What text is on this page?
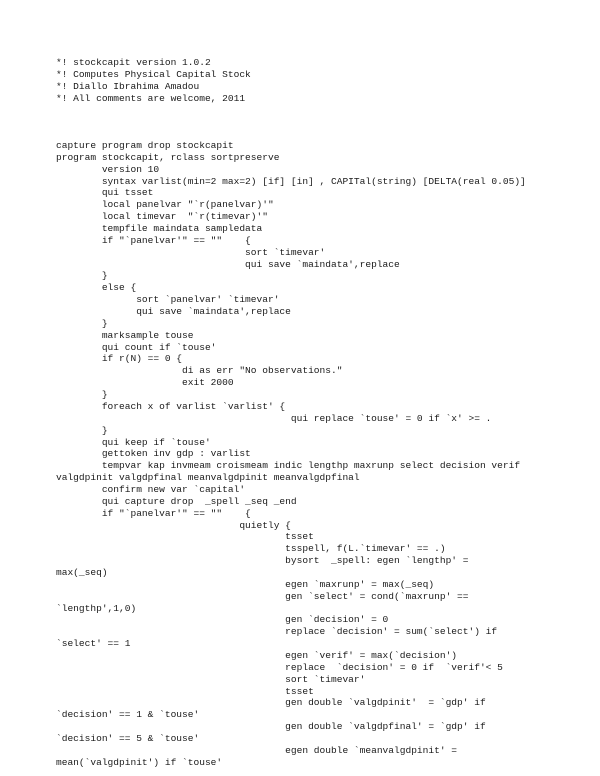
*! stockcapit version 1.0.2
*! Computes Physical Capital Stock
*! Diallo Ibrahima Amadou
*! All comments are welcome, 2011
capture program drop stockcapit
program stockcapit, rclass sortpreserve
version 10
syntax varlist(min=2 max=2) [if] [in] , CAPITal(string) [DELTA(real 0.05)]
qui tsset
local panelvar "`r(panelvar)'"
local timevar  "`r(timevar)'"
tempfile maindata sampledata
if "`panelvar'" == ""    {
sort `timevar'
qui save `maindata',replace
}
else {
sort `panelvar' `timevar'
qui save `maindata',replace
}
marksample touse
qui count if `touse'
if r(N) == 0 {
di as err "No observations."
exit 2000
}
foreach x of varlist `varlist' {
qui replace `touse' = 0 if `x' >= .
}
qui keep if `touse'
gettoken inv gdp : varlist
tempvar kap invmeam croismeam indic lengthp maxrunp select decision verif
valgdpinit valgdpfinal meanvalgdpinit meanvalgdpfinal
confirm new var `capital'
qui capture drop  _spell _seq _end
if "`panelvar'" == ""    {
quietly {
tsset
tsspell, f(L.`timevar' == .)
bysort  _spell: egen `lengthp' =
max(_seq)
egen `maxrunp' = max(_seq)
gen `select' = cond(`maxrunp' ==
`lengthp',1,0)
gen `decision' = 0
replace `decision' = sum(`select') if
`select' == 1
egen `verif' = max(`decision')
replace  `decision' = 0 if  `verif'< 5
sort `timevar'
tsset
gen double `valgdpinit'  = `gdp' if
`decision' == 1 & `touse'
gen double `valgdpfinal' = `gdp' if
`decision' == 5 & `touse'
egen double `meanvalgdpinit' =
mean(`valgdpinit') if `touse'
